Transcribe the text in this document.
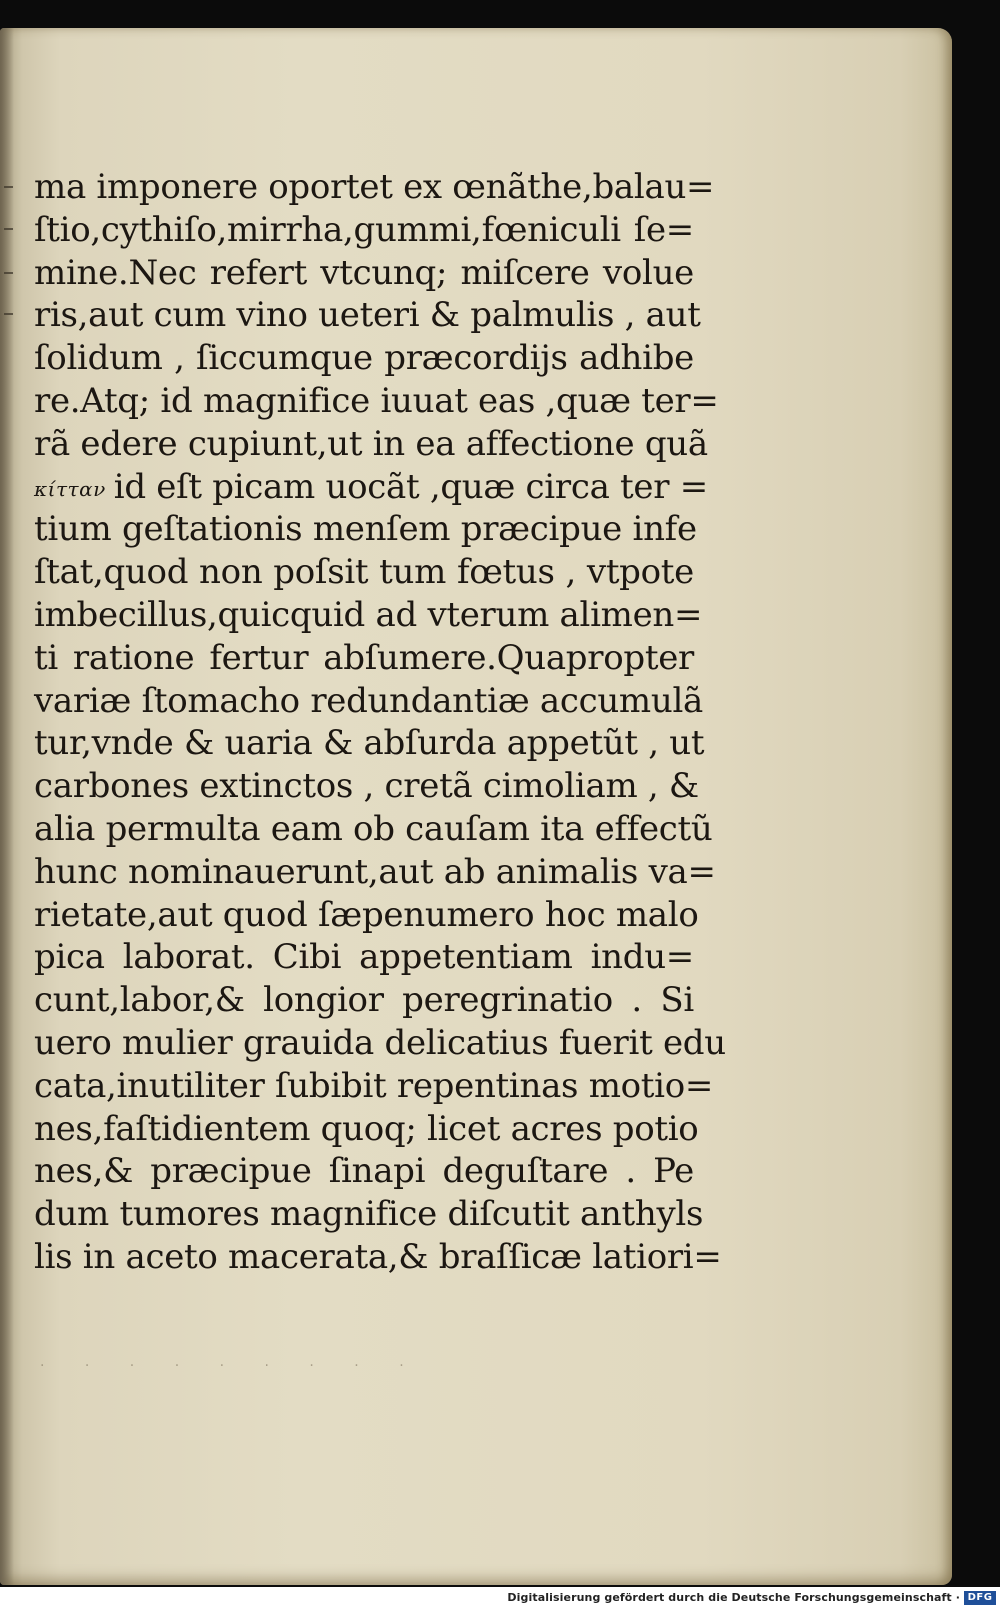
ma imponere oportet ex œnãthe,balau=
ſtio,cythiſo,mirrha,gummi,fœniculi ſe=
mine.Nec refert vtcunq; miſcere volue
ris,aut cum vino ueteri & palmulis , aut
ſolidum , ſiccumque præcordijs adhibe
re.Atq; id magnifice iuuat eas ,quæ ter=
rã edere cupiunt,ut in ea affectione quã
κίτταν id eſt picam uocãt ,quæ circa ter =
tium geſtationis menſem præcipue infe
ſtat,quod non poſsit tum fœtus , vtpote
imbecillus,quicquid ad vterum alimen=
ti ratione fertur abſumere.Quapropter
variæ ſtomacho redundantiæ accumulã
tur,vnde & uaria & abſurda appetũt , ut
carbones extinctos , cretã cimoliam , &
alia permulta eam ob cauſam ita effectũ
hunc nominauerunt,aut ab animalis va=
rietate,aut quod ſæpenumero hoc malo
pica laborat. Cibi appetentiam indu=
cunt,labor,& longior peregrinatio . Si
uero mulier grauida delicatius fuerit edu
cata,inutiliter ſubibit repentinas motio=
nes,faſtidientem quoq; licet acres potio
nes,& præcipue ſinapi deguſtare . Pe
dum tumores magnifice diſcutit anthyls
lis in aceto macerata,& braſſicæ latiori=
· · · · · · · · ·
Digitalisierung gefördert durch die Deutsche Forschungsgemeinschaft · DFG
